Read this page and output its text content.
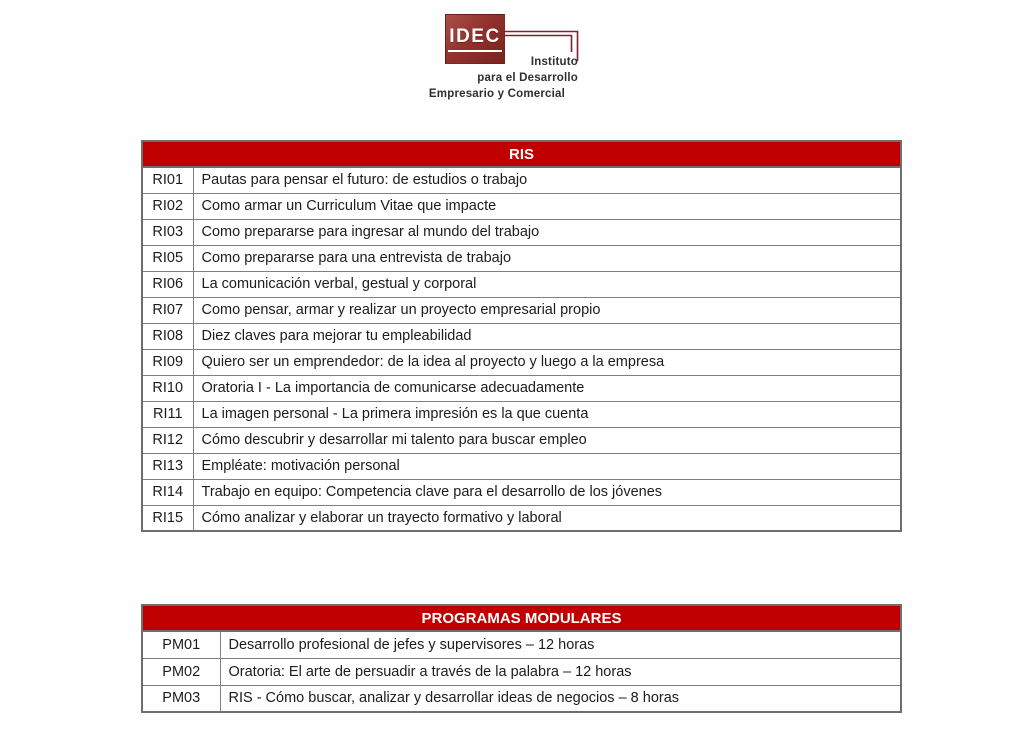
IDEC
Instituto
para el Desarrollo
Empresario y Comercial
RIS	
RI01	Pautas para pensar el futuro: de estudios o trabajo
RI02	Como armar un Curriculum Vitae que impacte
RI03	Como prepararse para ingresar al mundo del trabajo
RI05	Como prepararse para una entrevista de trabajo
RI06	La comunicación verbal, gestual y corporal
RI07	Como pensar, armar y realizar un proyecto empresarial propio
RI08	Diez claves para mejorar tu empleabilidad
RI09	Quiero ser un emprendedor: de la idea al proyecto y luego a la empresa
RI10	Oratoria I - La importancia de comunicarse adecuadamente
RI11	La imagen personal - La primera impresión es la que cuenta
RI12	Cómo descubrir y desarrollar mi talento para buscar empleo
RI13	Empléate: motivación personal
RI14	Trabajo en equipo: Competencia clave para el desarrollo de los jóvenes
RI15	Cómo analizar y elaborar un trayecto formativo y laboral
PROGRAMAS MODULARES	
PM01	Desarrollo profesional de jefes y supervisores – 12 horas
PM02	Oratoria: El arte de persuadir a través de la palabra – 12 horas
PM03	RIS - Cómo buscar, analizar y desarrollar ideas de negocios – 8 horas
